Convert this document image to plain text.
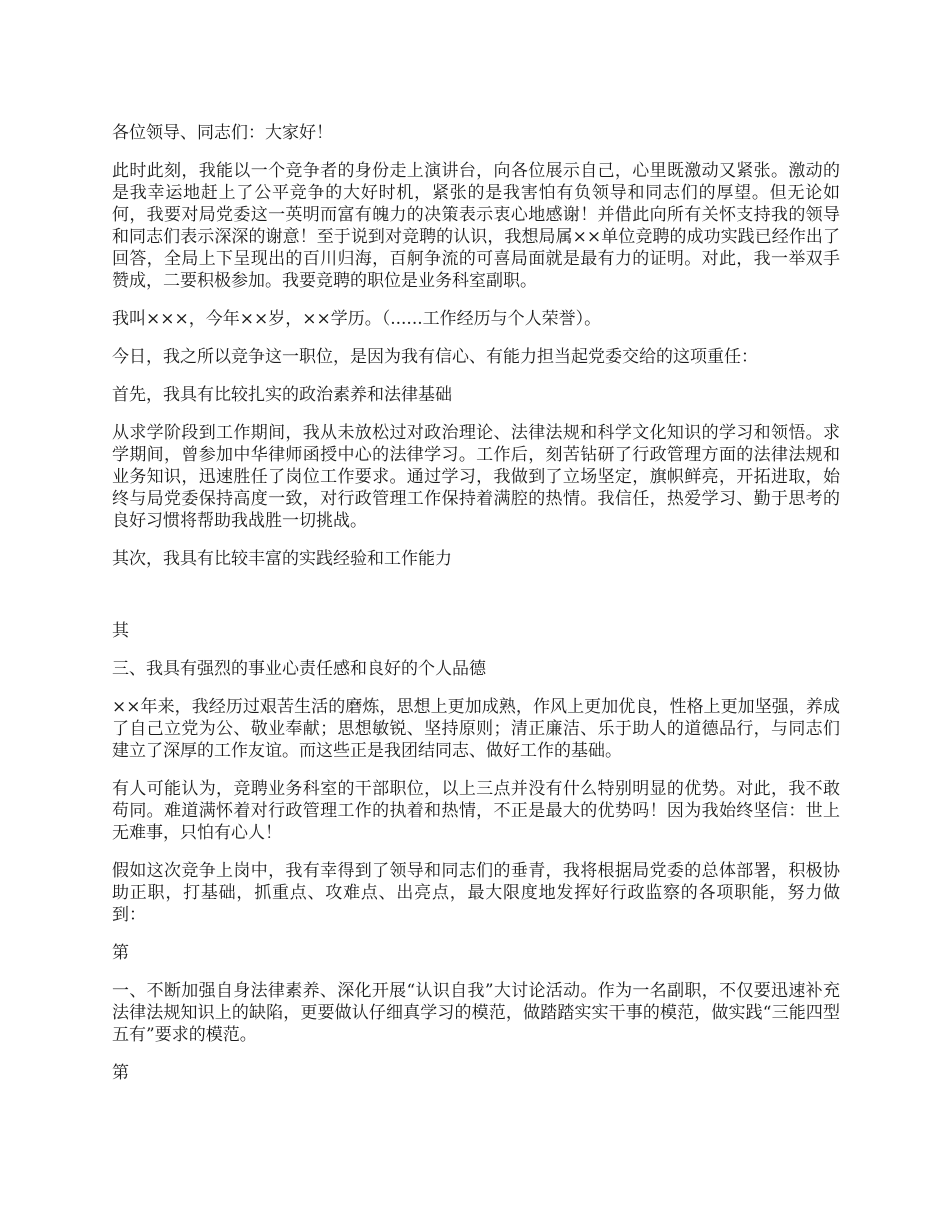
各位领导、同志们：大家好！

此时此刻，我能以一个竞争者的身份走上演讲台，向各位展示自己，心里既激动又紧张。激动的是我幸运地赶上了公平竞争的大好时机，紧张的是我害怕有负领导和同志们的厚望。但无论如何，我要对局党委这一英明而富有魄力的决策表示衷心地感谢！并借此向所有关怀支持我的领导和同志们表示深深的谢意！至于说到对竞聘的认识，我想局属××单位竞聘的成功实践已经作出了回答，全局上下呈现出的百川归海，百舸争流的可喜局面就是最有力的证明。对此，我一举双手赞成，二要积极参加。我要竞聘的职位是业务科室副职。

我叫×××，今年××岁，××学历。（......工作经历与个人荣誉）。

今日，我之所以竞争这一职位，是因为我有信心、有能力担当起党委交给的这项重任：

首先，我具有比较扎实的政治素养和法律基础

从求学阶段到工作期间，我从未放松过对政治理论、法律法规和科学文化知识的学习和领悟。求学期间，曾参加中华律师函授中心的法律学习。工作后，刻苦钻研了行政管理方面的法律法规和业务知识，迅速胜任了岗位工作要求。通过学习，我做到了立场坚定，旗帜鲜亮，开拓进取，始终与局党委保持高度一致，对行政管理工作保持着满腔的热情。我信任，热爱学习、勤于思考的良好习惯将帮助我战胜一切挑战。

其次，我具有比较丰富的实践经验和工作能力

其

三、我具有强烈的事业心责任感和良好的个人品德

××年来，我经历过艰苦生活的磨炼，思想上更加成熟，作风上更加优良，性格上更加坚强，养成了自己立党为公、敬业奉献；思想敏锐、坚持原则；清正廉洁、乐于助人的道德品行，与同志们建立了深厚的工作友谊。而这些正是我团结同志、做好工作的基础。

有人可能认为，竞聘业务科室的干部职位，以上三点并没有什么特别明显的优势。对此，我不敢苟同。难道满怀着对行政管理工作的执着和热情，不正是最大的优势吗！因为我始终坚信：世上无难事，只怕有心人！

假如这次竞争上岗中，我有幸得到了领导和同志们的垂青，我将根据局党委的总体部署，积极协助正职，打基础，抓重点、攻难点、出亮点，最大限度地发挥好行政监察的各项职能，努力做到：

第

一、不断加强自身法律素养、深化开展“认识自我”大讨论活动。作为一名副职，不仅要迅速补充法律法规知识上的缺陷，更要做认仔细真学习的模范，做踏踏实实干事的模范，做实践“三能四型五有”要求的模范。

第
